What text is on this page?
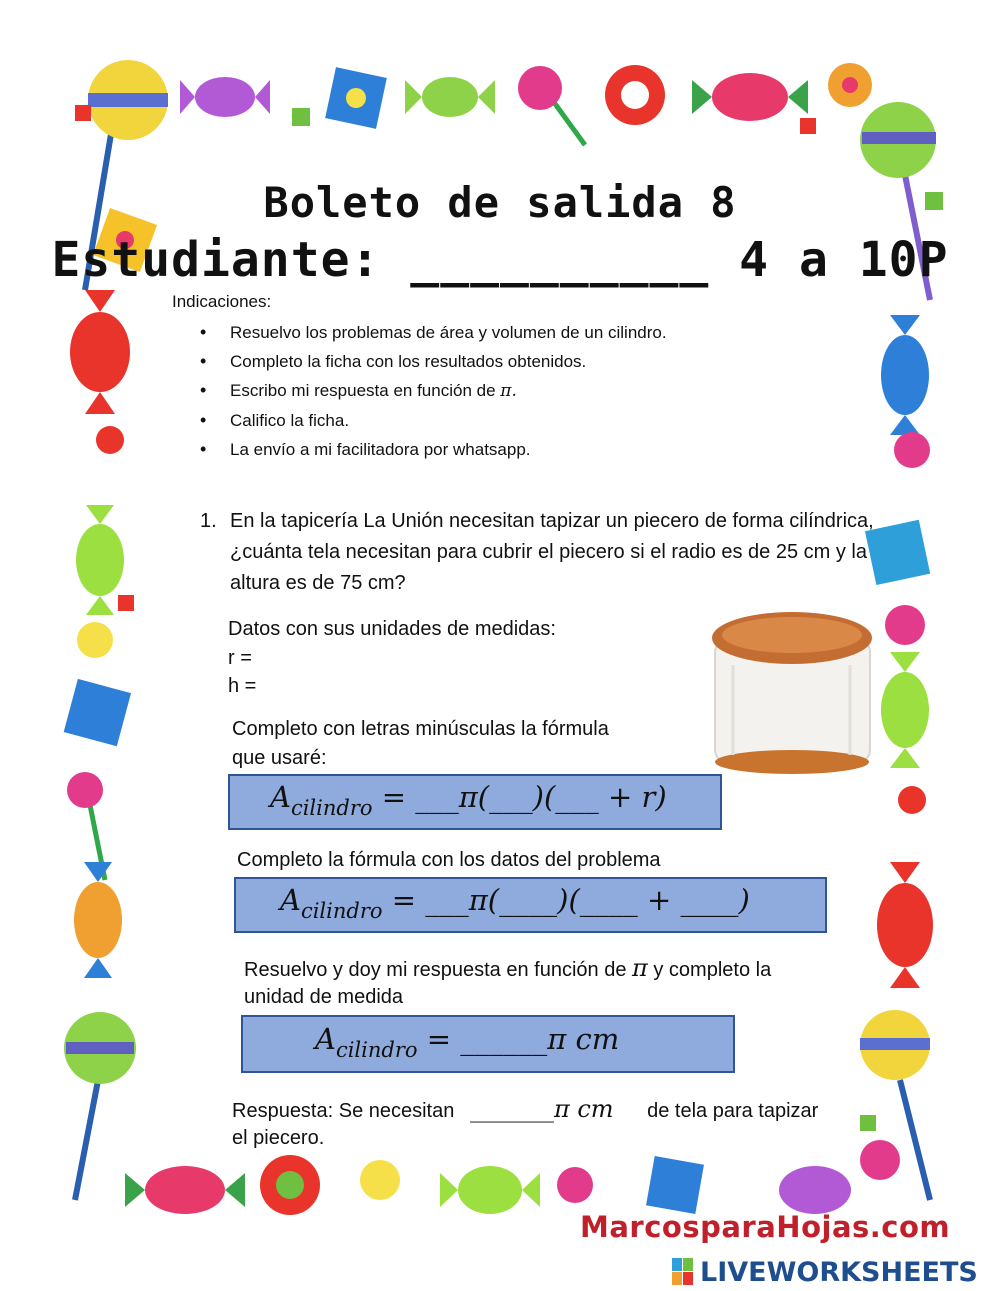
Boleto de salida 8
Estudiante: __________ 4 a 10P
Indicaciones:
• Resuelvo los problemas de área y volumen de un cilindro.
• Completo la ficha con los resultados obtenidos.
• Escribo mi respuesta en función de π.
• Califico la ficha.
• La envío a mi facilitadora por whatsapp.
1. En la tapicería La Unión necesitan tapizar un piecero de forma cilíndrica, ¿cuánta tela necesitan para cubrir el piecero si el radio es de 25 cm y la altura es de 75 cm?
Datos con sus unidades de medidas:
r =
h =
Completo con letras minúsculas la fórmula
que usaré:
$A_{cilindro}$ = ___π(___)(___ + r)
Completo la fórmula con los datos del problema
$A_{cilindro}$ = ___π(____)(____ + ____)
Resuelvo y doy mi respuesta en función de π y completo la
unidad de medida
$A_{cilindro}$ = ______π cm
Respuesta: Se necesitan _______π cm de tela para tapizar
el piecero.
MarcosparaHojas.com
LIVEWORKSHEETS
